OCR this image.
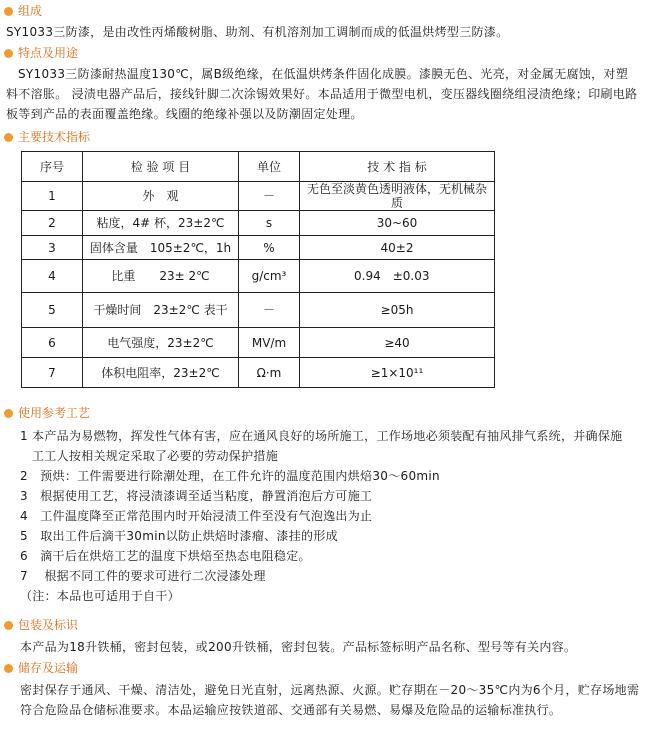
组成
SY1033三防漆，是由改性丙烯酸树脂、助剂、有机溶剂加工调制而成的低温烘烤型三防漆。
特点及用途
SY1033三防漆耐热温度130℃，属B级绝缘，在低温烘烤条件固化成膜。漆膜无色、光亮，对金属无腐蚀，对塑料不溶胀。 浸渍电器产品后，接线针脚二次涂锡效果好。本品适用于微型电机，变压器线圈绕组浸渍绝缘；印刷电路板等到产品的表面覆盖绝缘。线圈的绝缘补强以及防潮固定处理。
主要技术指标
序号	检 验 项 目	单位	技 术 指 标
1	外　观	－	无色至淡黄色透明液体，无机械杂质
2	粘度，4# 杯，23±2℃	s	30~60
3	固体含量　105±2℃，1h	%	40±2
4	比重　　23± 2℃	g/cm³	0.94　±0.03
5	干燥时间　23±2℃ 表干	－	≥05h
6	电气强度，23±2℃	MV/m	≥40
7	体积电阻率，23±2℃	Ω·m	≥1×10¹¹
使用参考工艺
1 本产品为易燃物，挥发性气体有害，应在通风良好的场所施工，工作场地必须装配有抽风排气系统，并确保施
工工人按相关规定采取了必要的劳动保护措施
2　预烘：工件需要进行除潮处理，在工件允许的温度范围内烘焙30～60min
3　根据使用工艺，将浸渍漆调至适当粘度，静置消泡后方可施工
4　工件温度降至正常范围内时开始浸渍工件至没有气泡逸出为止
5　取出工件后滴干30min以防止烘焙时漆瘤、漆挂的形成
6　滴干后在烘焙工艺的温度下烘焙至热态电阻稳定。
7　 根据不同工件的要求可进行二次浸漆处理
（注：本品也可适用于自干）
包装及标识
本产品为18升铁桶，密封包装，或200升铁桶，密封包装。产品标签标明产品名称、型号等有关内容。
储存及运输
密封保存于通风、干燥、清洁处，避免日光直射，远离热源、火源。贮存期在－20～35℃内为6个月，贮存场地需符合危险品仓储标准要求。本品运输应按铁道部、交通部有关易燃、易爆及危险品的运输标准执行。
